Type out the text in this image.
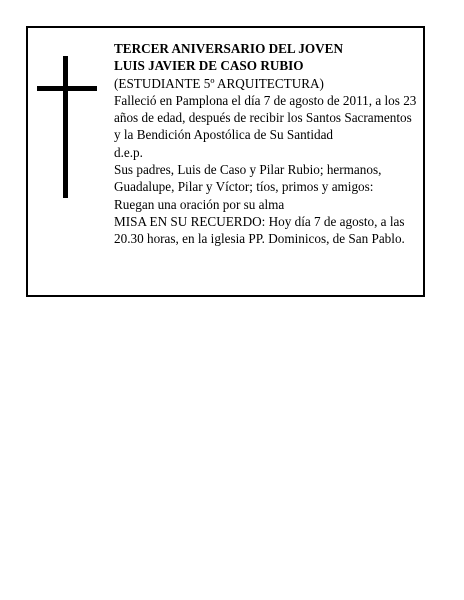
TERCER ANIVERSARIO DEL JOVEN

LUIS JAVIER DE CASO RUBIO

(ESTUDIANTE 5º ARQUITECTURA)

Falleció en Pamplona el día 7 de agosto de 2011, a los 23 años de edad, después de recibir los Santos Sacramentos y la Bendición Apostólica de Su Santidad

d.e.p.

Sus padres, Luis de Caso y Pilar Rubio; hermanos, Guadalupe, Pilar y Víctor; tíos, primos y amigos:

Ruegan una oración por su alma

MISA EN SU RECUERDO: Hoy día 7 de agosto, a las 20.30 horas, en la iglesia PP. Dominicos, de San Pablo.
